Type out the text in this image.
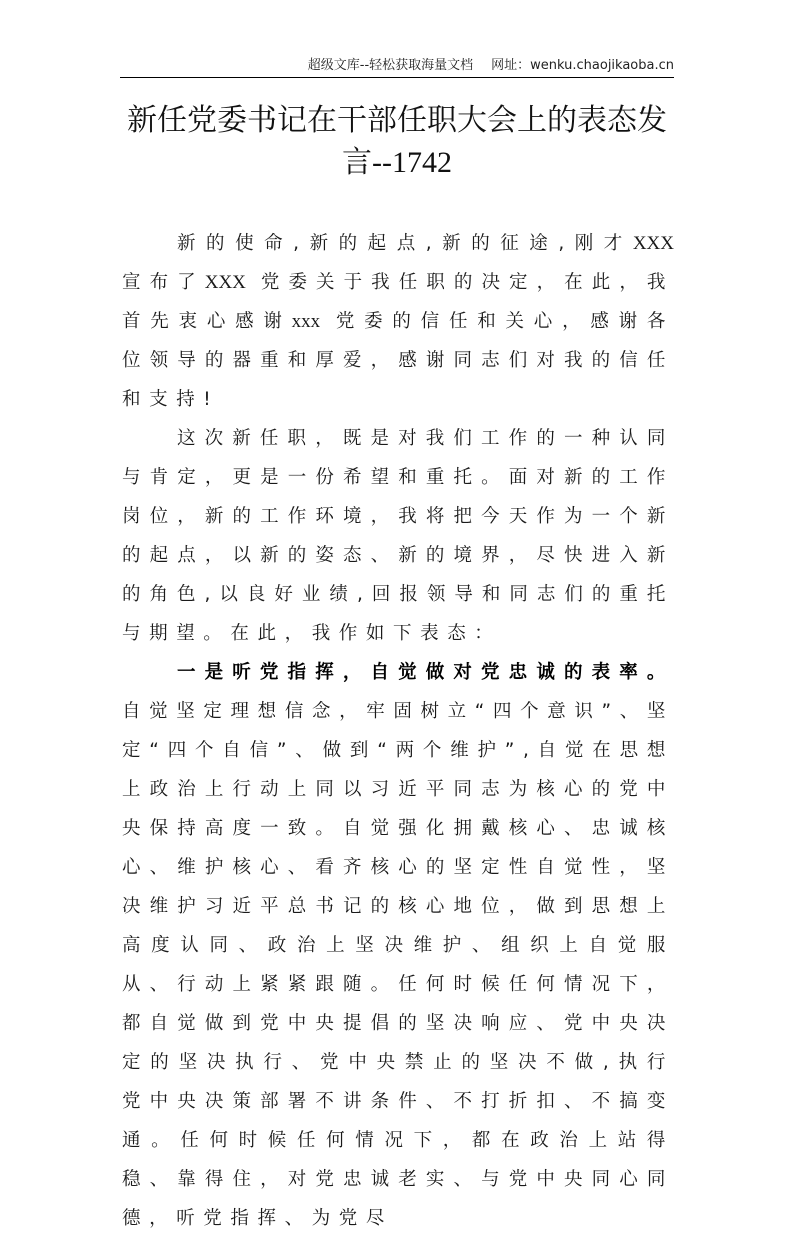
超级文库--轻松获取海量文档 网址：wenku.chaojikaoba.cn
新任党委书记在干部任职大会上的表态发
言--1742

新的使命,新的起点,新的征途,刚才XXX 宣布了XXX 党委关于我任职的决定，在此，我首先衷心感谢xxx 党委的信任和关心，感谢各位领导的器重和厚爱，感谢同志们对我的信任和支持!

这次新任职，既是对我们工作的一种认同与肯定，更是一份希望和重托。面对新的工作岗位，新的工作环境，我将把今天作为一个新的起点，以新的姿态、新的境界，尽快进入新的角色,以良好业绩,回报领导和同志们的重托与期望。在此，我作如下表态：

一是听党指挥，自觉做对党忠诚的表率。自觉坚定理想信念，牢固树立“四个意识”、坚定“四个自信”、做到“两个维护”,自觉在思想上政治上行动上同以习近平同志为核心的党中央保持高度一致。自觉强化拥戴核心、忠诚核心、维护核心、看齐核心的坚定性自觉性，坚决维护习近平总书记的核心地位，做到思想上高度认同、政治上坚决维护、组织上自觉服从、行动上紧紧跟随。任何时候任何情况下，都自觉做到党中央提倡的坚决响应、党中央决定的坚决执行、党中央禁止的坚决不做,执行党中央决策部署不讲条件、不打折扣、不搞变通。任何时候任何情况下，都在政治上站得稳、靠得住，对党忠诚老实、与党中央同心同德，听党指挥、为党尽
